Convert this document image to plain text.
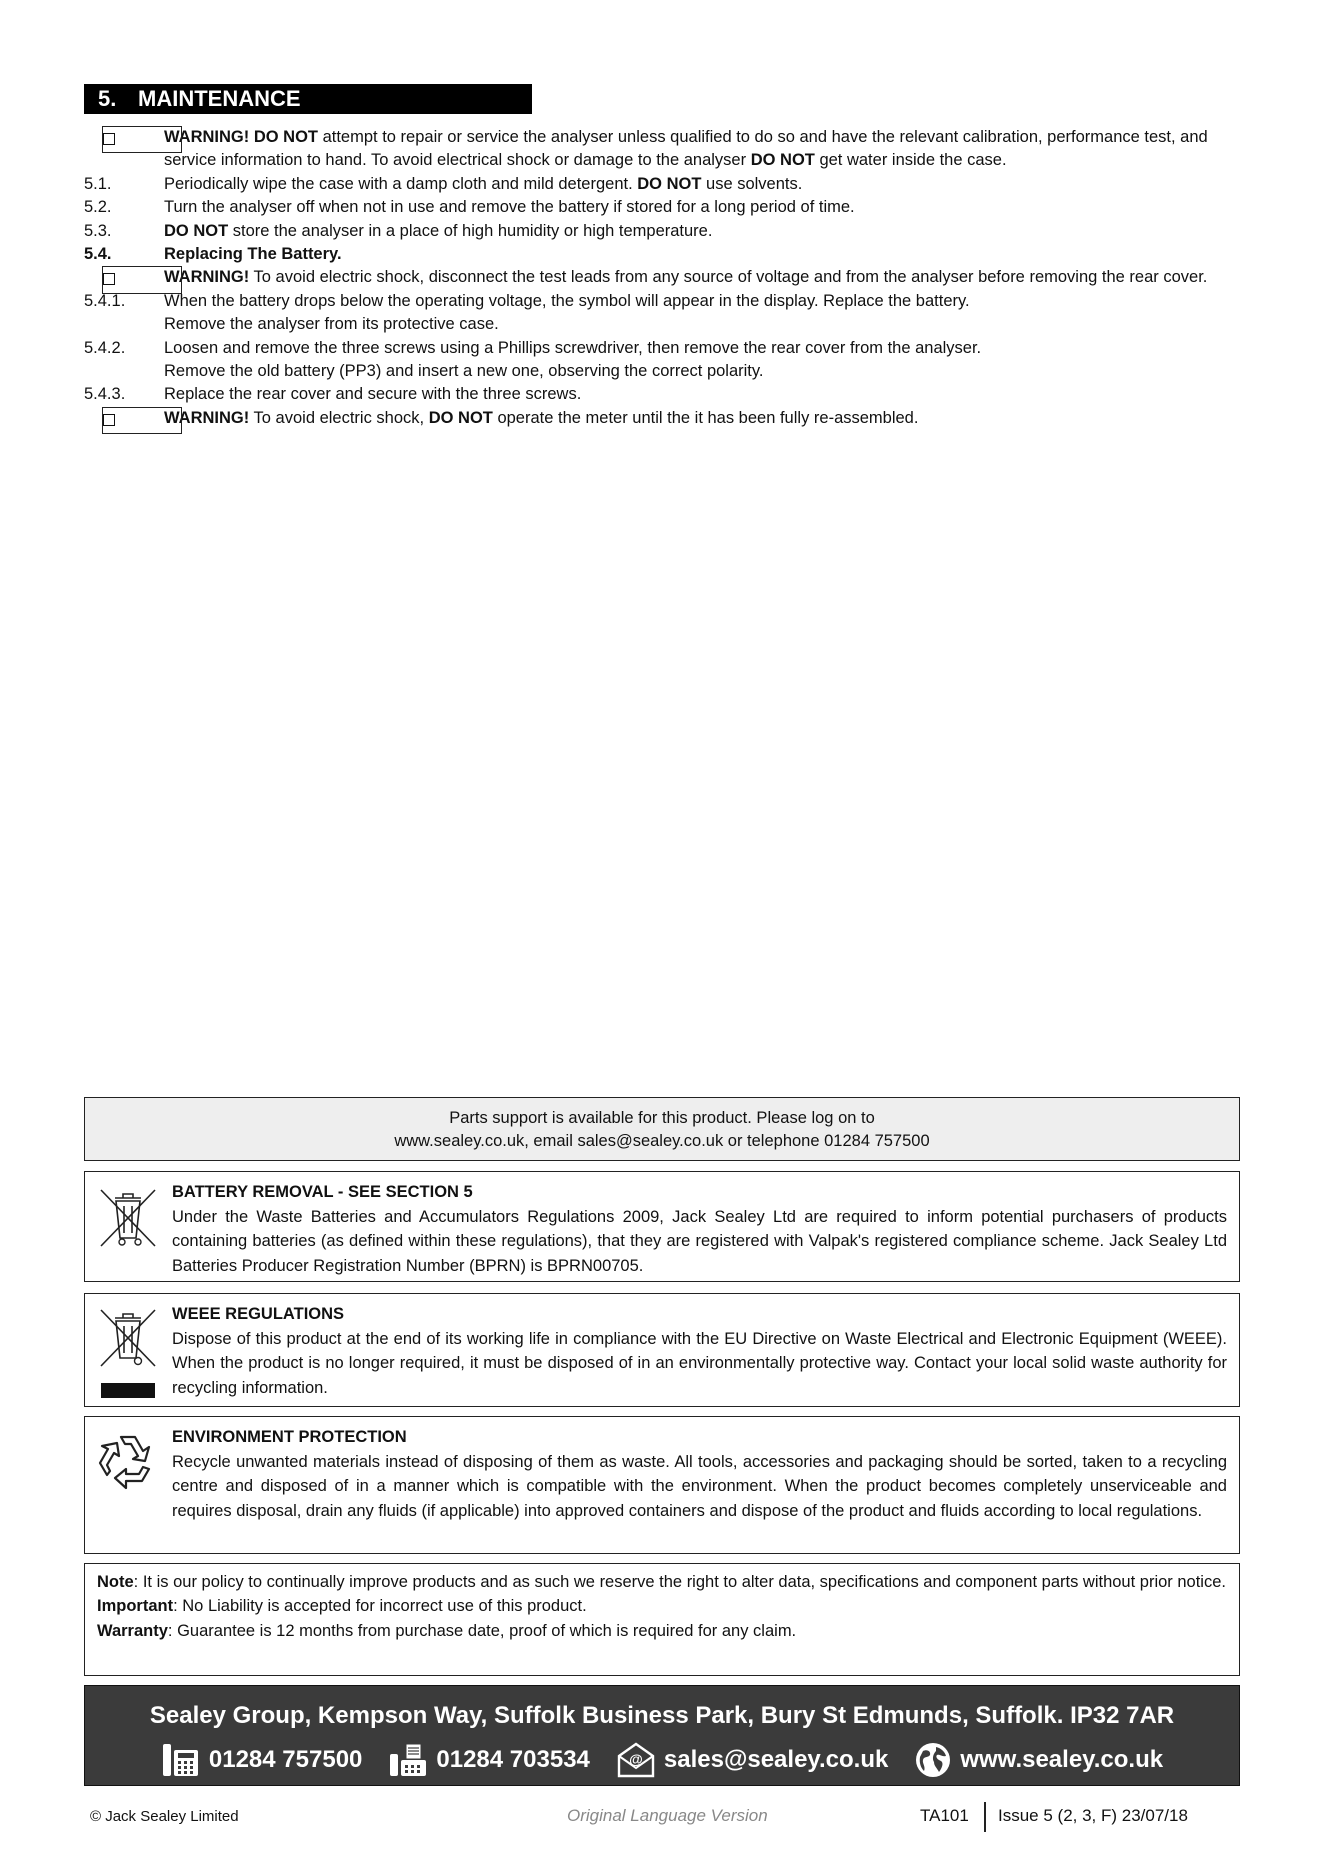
5. MAINTENANCE
WARNING! DO NOT attempt to repair or service the analyser unless qualified to do so and have the relevant calibration, performance test, and service information to hand. To avoid electrical shock or damage to the analyser DO NOT get water inside the case.
5.1.	Periodically wipe the case with a damp cloth and mild detergent. DO NOT use solvents.
5.2.	Turn the analyser off when not in use and remove the battery if stored for a long period of time.
5.3.	DO NOT store the analyser in a place of high humidity or high temperature.
5.4.	Replacing The Battery.
WARNING! To avoid electric shock, disconnect the test leads from any source of voltage and from the analyser before removing the rear cover.
5.4.1.	When the battery drops below the operating voltage, the symbol will appear in the display. Replace the battery.
Remove the analyser from its protective case.
5.4.2.	Loosen and remove the three screws using a Phillips screwdriver, then remove the rear cover from the analyser.
Remove the old battery (PP3) and insert a new one, observing the correct polarity.
5.4.3.	Replace the rear cover and secure with the three screws.
WARNING! To avoid electric shock, DO NOT operate the meter until the it has been fully re-assembled.
Parts support is available for this product. Please log on to
www.sealey.co.uk, email sales@sealey.co.uk or telephone 01284 757500
BATTERY REMOVAL - SEE SECTION 5
Under the Waste Batteries and Accumulators Regulations 2009, Jack Sealey Ltd are required to inform potential purchasers of products containing batteries (as defined within these regulations), that they are registered with Valpak's registered compliance scheme. Jack Sealey Ltd Batteries Producer Registration Number (BPRN) is BPRN00705.
WEEE REGULATIONS
Dispose of this product at the end of its working life in compliance with the EU Directive on Waste Electrical and Electronic Equipment (WEEE). When the product is no longer required, it must be disposed of in an environmentally protective way. Contact your local solid waste authority for recycling information.
ENVIRONMENT PROTECTION
Recycle unwanted materials instead of disposing of them as waste. All tools, accessories and packaging should be sorted, taken to a recycling centre and disposed of in a manner which is compatible with the environment. When the product becomes completely unserviceable and requires disposal, drain any fluids (if applicable) into approved containers and dispose of the product and fluids according to local regulations.
Note: It is our policy to continually improve products and as such we reserve the right to alter data, specifications and component parts without prior notice.
Important: No Liability is accepted for incorrect use of this product.
Warranty: Guarantee is 12 months from purchase date, proof of which is required for any claim.
Sealey Group, Kempson Way, Suffolk Business Park, Bury St Edmunds, Suffolk. IP32 7AR
01284 757500	01284 703534	@ sales@sealey.co.uk	www.sealey.co.uk
© Jack Sealey Limited	Original Language Version	TA101 Issue 5 (2, 3, F) 23/07/18
